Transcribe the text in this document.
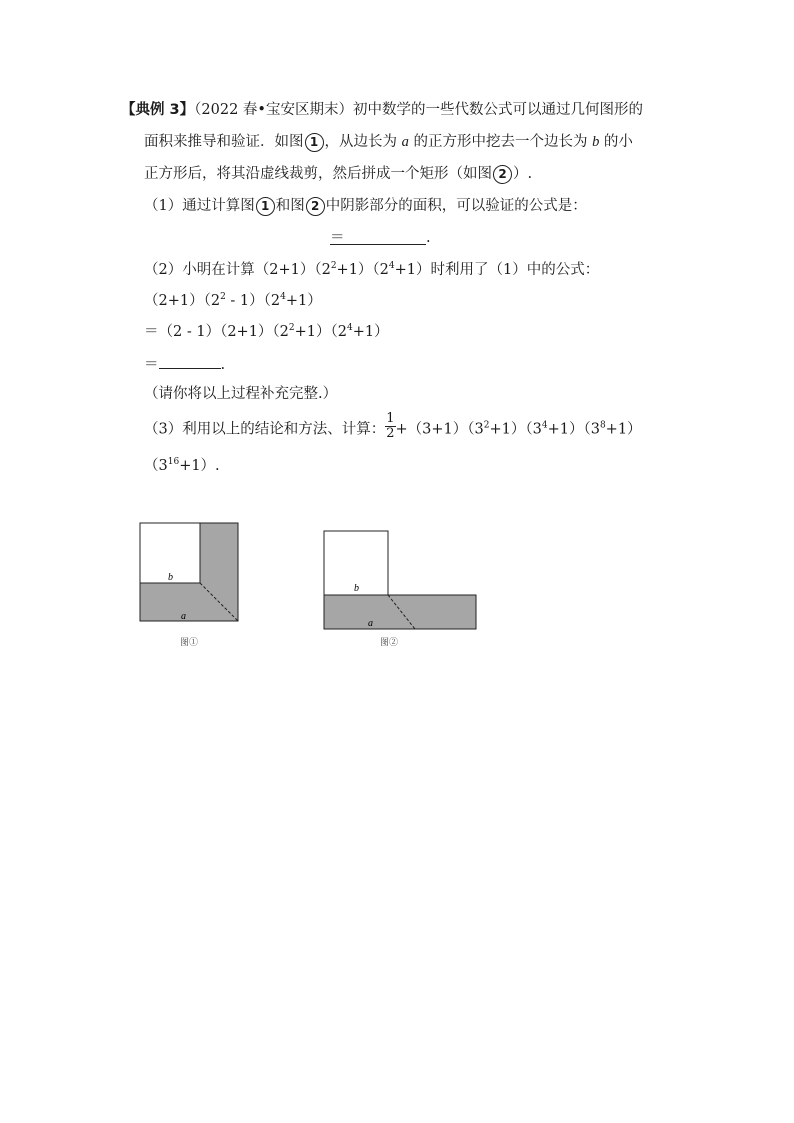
【典例 3】（2022 春•宝安区期末）初中数学的一些代数公式可以通过几何图形的
面积来推导和验证．如图 1 ，从边长为 a 的正方形中挖去一个边长为 b 的小
正方形后，将其沿虚线裁剪，然后拼成一个矩形（如图 2 ）.
（1）通过计算图 1 和图 2 中阴影部分的面积，可以验证的公式是：
＝	.
（2）小明在计算$(2+1)(2^2+1)(2^4+1)$时利用了（1）中的公式：
$(2+1)(2^2 - 1)(2^4+1)$
$=(2 - 1)(2+1)(2^2+1)(2^4+1)$
＝	.
（请你将以上过程补充完整.）
（3）利用以上的结论和方法、计算： $\frac{1}{2} +(3+1)(3^2+1)(3^4+1)(3^8+1)$
$(3^{16}+1)$.
b
a
图①
b
a
图②
